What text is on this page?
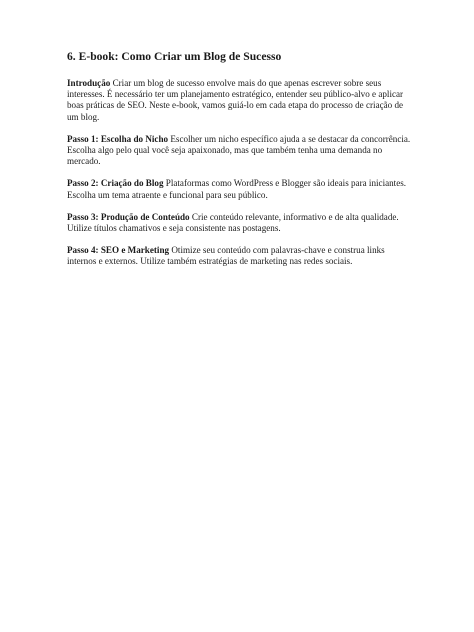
6. E-book: Como Criar um Blog de Sucesso

Introdução Criar um blog de sucesso envolve mais do que apenas escrever sobre seus interesses. É necessário ter um planejamento estratégico, entender seu público-alvo e aplicar boas práticas de SEO. Neste e-book, vamos guiá-lo em cada etapa do processo de criação de um blog.

Passo 1: Escolha do Nicho Escolher um nicho específico ajuda a se destacar da concorrência. Escolha algo pelo qual você seja apaixonado, mas que também tenha uma demanda no mercado.

Passo 2: Criação do Blog Plataformas como WordPress e Blogger são ideais para iniciantes. Escolha um tema atraente e funcional para seu público.

Passo 3: Produção de Conteúdo Crie conteúdo relevante, informativo e de alta qualidade. Utilize títulos chamativos e seja consistente nas postagens.

Passo 4: SEO e Marketing Otimize seu conteúdo com palavras-chave e construa links internos e externos. Utilize também estratégias de marketing nas redes sociais.
